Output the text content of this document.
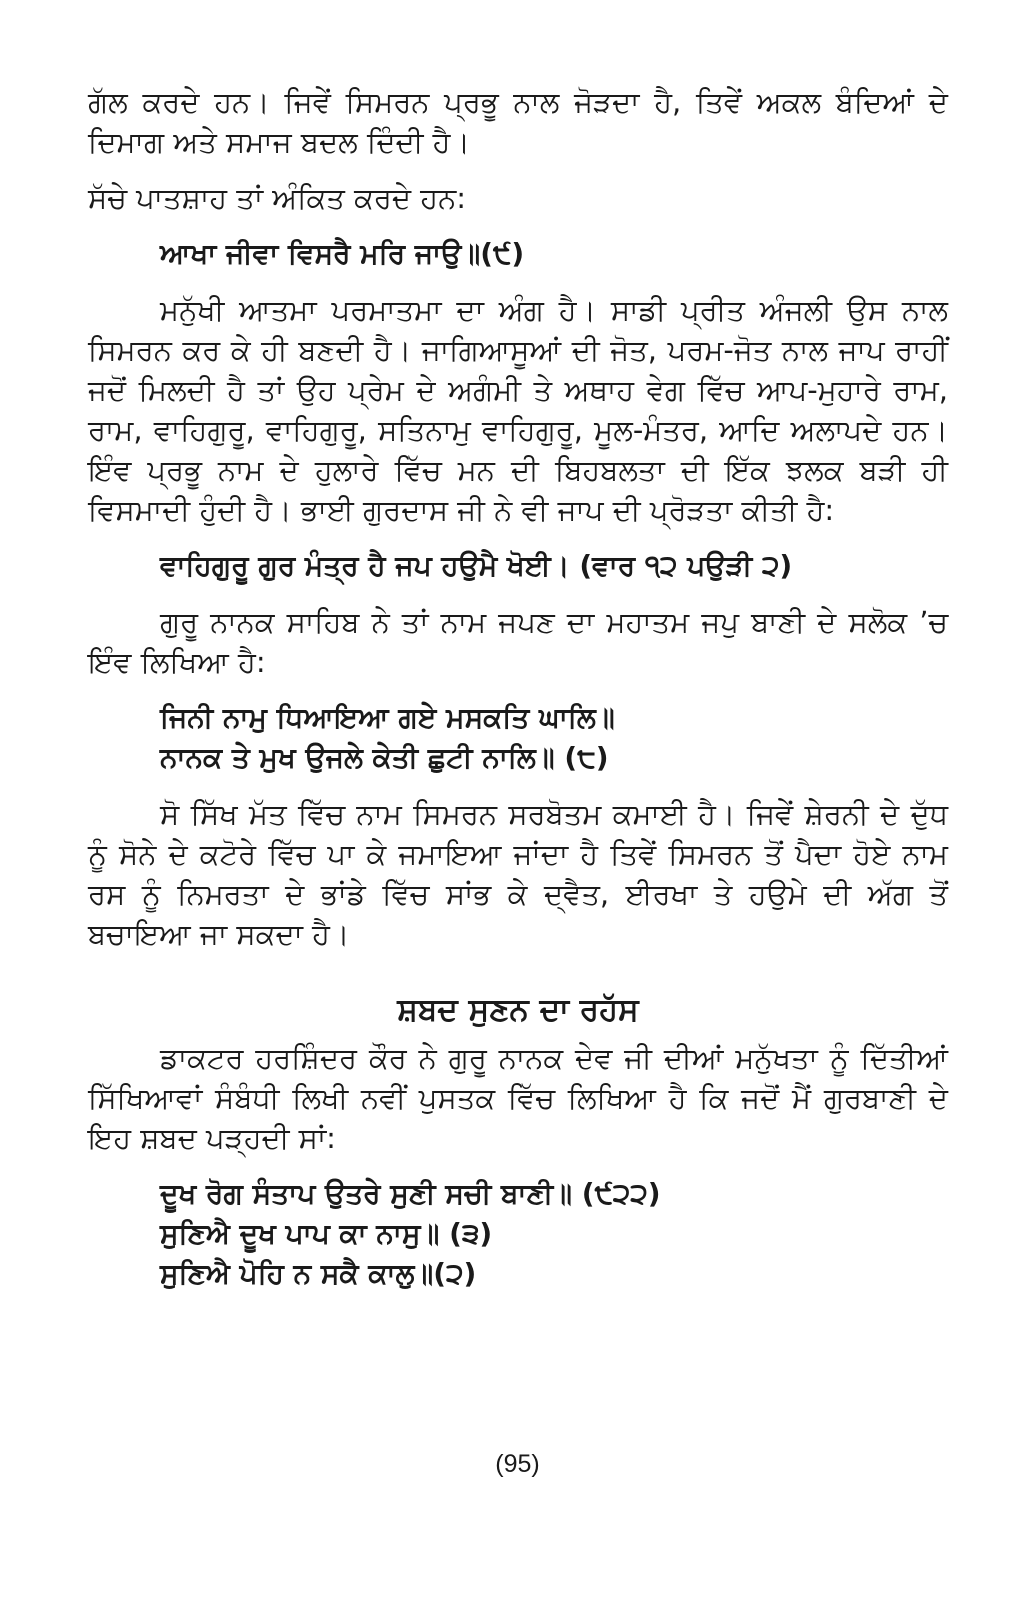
ਗੱਲ ਕਰਦੇ ਹਨ। ਜਿਵੇਂ ਸਿਮਰਨ ਪ੍ਰਭੂ ਨਾਲ ਜੋੜਦਾ ਹੈ, ਤਿਵੇਂ ਅਕਲ ਬੰਦਿਆਂ ਦੇ ਦਿਮਾਗ ਅਤੇ ਸਮਾਜ ਬਦਲ ਦਿੰਦੀ ਹੈ।

ਸੱਚੇ ਪਾਤਸ਼ਾਹ ਤਾਂ ਅੰਕਿਤ ਕਰਦੇ ਹਨ:

ਆਖਾ ਜੀਵਾ ਵਿਸਰੈ ਮਰਿ ਜਾਉ॥(੯)

ਮਨੁੱਖੀ ਆਤਮਾ ਪਰਮਾਤਮਾ ਦਾ ਅੰਗ ਹੈ। ਸਾਡੀ ਪ੍ਰੀਤ ਅੰਜਲੀ ਉਸ ਨਾਲ ਸਿਮਰਨ ਕਰ ਕੇ ਹੀ ਬਣਦੀ ਹੈ। ਜਾਗਿਆਸੂਆਂ ਦੀ ਜੋਤ, ਪਰਮ-ਜੋਤ ਨਾਲ ਜਾਪ ਰਾਹੀਂ ਜਦੋਂ ਮਿਲਦੀ ਹੈ ਤਾਂ ਉਹ ਪ੍ਰੇਮ ਦੇ ਅਗੰਮੀ ਤੇ ਅਥਾਹ ਵੇਗ ਵਿੱਚ ਆਪ-ਮੁਹਾਰੇ ਰਾਮ, ਰਾਮ, ਵਾਹਿਗੁਰੂ, ਵਾਹਿਗੁਰੂ, ਸਤਿਨਾਮੁ ਵਾਹਿਗੁਰੂ, ਮੂਲ-ਮੰਤਰ, ਆਦਿ ਅਲਾਪਦੇ ਹਨ। ਇੰਵ ਪ੍ਰਭੂ ਨਾਮ ਦੇ ਹੁਲਾਰੇ ਵਿੱਚ ਮਨ ਦੀ ਬਿਹਬਲਤਾ ਦੀ ਇੱਕ ਝਲਕ ਬੜੀ ਹੀ ਵਿਸਮਾਦੀ ਹੁੰਦੀ ਹੈ। ਭਾਈ ਗੁਰਦਾਸ ਜੀ ਨੇ ਵੀ ਜਾਪ ਦੀ ਪ੍ਰੋੜਤਾ ਕੀਤੀ ਹੈ:

ਵਾਹਿਗੁਰੂ ਗੁਰ ਮੰਤ੍ਰ ਹੈ ਜਪ ਹਉਮੈ ਖੋਈ। (ਵਾਰ ੧੨ ਪਉੜੀ ੨)

ਗੁਰੂ ਨਾਨਕ ਸਾਹਿਬ ਨੇ ਤਾਂ ਨਾਮ ਜਪਣ ਦਾ ਮਹਾਤਮ ਜਪੁ ਬਾਣੀ ਦੇ ਸਲੋਕ ’ਚ ਇੰਵ ਲਿਖਿਆ ਹੈ:

ਜਿਨੀ ਨਾਮੁ ਧਿਆਇਆ ਗਏ ਮਸਕਤਿ ਘਾਲਿ॥

ਨਾਨਕ ਤੇ ਮੁਖ ਉਜਲੇ ਕੇਤੀ ਛੁਟੀ ਨਾਲਿ॥ (੮)

ਸੋ ਸਿੱਖ ਮੱਤ ਵਿੱਚ ਨਾਮ ਸਿਮਰਨ ਸਰਬੋਤਮ ਕਮਾਈ ਹੈ। ਜਿਵੇਂ ਸ਼ੇਰਨੀ ਦੇ ਦੁੱਧ ਨੂੰ ਸੋਨੇ ਦੇ ਕਟੋਰੇ ਵਿੱਚ ਪਾ ਕੇ ਜਮਾਇਆ ਜਾਂਦਾ ਹੈ ਤਿਵੇਂ ਸਿਮਰਨ ਤੋਂ ਪੈਦਾ ਹੋਏ ਨਾਮ ਰਸ ਨੂੰ ਨਿਮਰਤਾ ਦੇ ਭਾਂਡੇ ਵਿੱਚ ਸਾਂਭ ਕੇ ਦ੍ਵੈਤ, ਈਰਖਾ ਤੇ ਹਉਮੇ ਦੀ ਅੱਗ ਤੋਂ ਬਚਾਇਆ ਜਾ ਸਕਦਾ ਹੈ।

ਸ਼ਬਦ ਸੁਣਨ ਦਾ ਰਹੱਸ

ਡਾਕਟਰ ਹਰਸ਼ਿੰਦਰ ਕੌਰ ਨੇ ਗੁਰੂ ਨਾਨਕ ਦੇਵ ਜੀ ਦੀਆਂ ਮਨੁੱਖਤਾ ਨੂੰ ਦਿੱਤੀਆਂ ਸਿੱਖਿਆਵਾਂ ਸੰਬੰਧੀ ਲਿਖੀ ਨਵੀਂ ਪੁਸਤਕ ਵਿੱਚ ਲਿਖਿਆ ਹੈ ਕਿ ਜਦੋਂ ਮੈਂ ਗੁਰਬਾਣੀ ਦੇ ਇਹ ਸ਼ਬਦ ਪੜ੍ਹਦੀ ਸਾਂ:

ਦੂਖ ਰੋਗ ਸੰਤਾਪ ਉਤਰੇ ਸੁਣੀ ਸਚੀ ਬਾਣੀ॥ (੯੨੨)

ਸੁਣਿਐ ਦੂਖ ਪਾਪ ਕਾ ਨਾਸੁ॥ (੩)

ਸੁਣਿਐ ਪੋਹਿ ਨ ਸਕੈ ਕਾਲੁ॥(੨)

(95)
